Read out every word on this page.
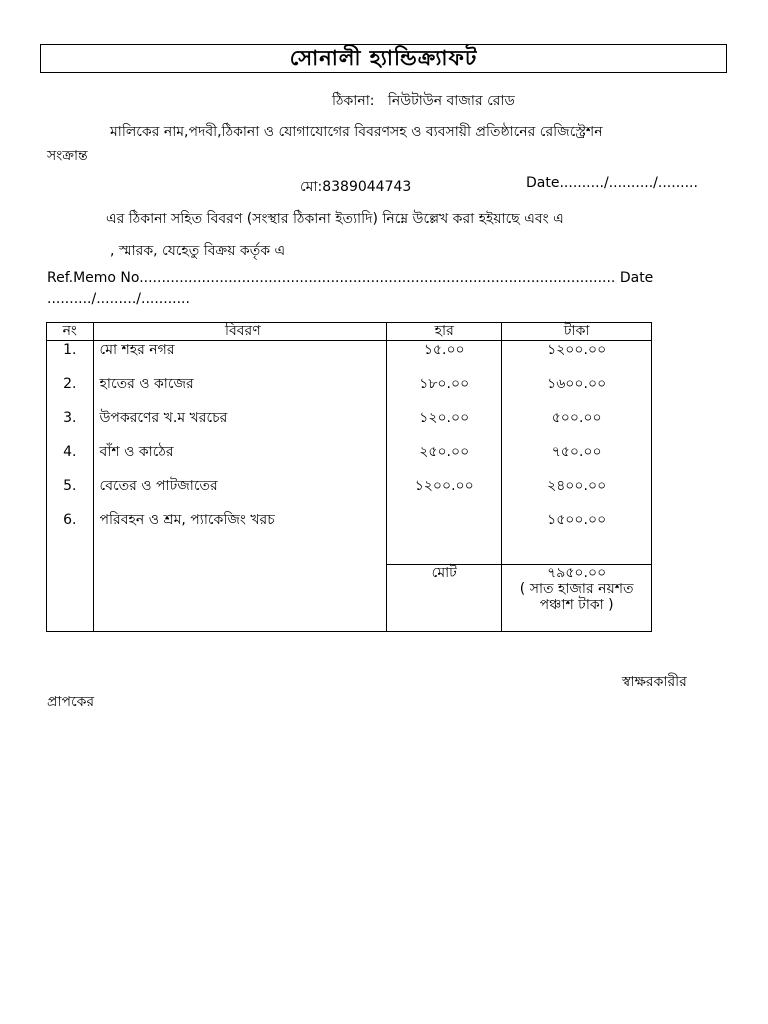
সোনালী হ্যান্ডিক্র্যাফট
ঠিকানা: নিউটাউন বাজার রোড
মালিকের নাম,পদবী,ঠিকানা ও যোগাযোগের বিবরণসহ ও ব্যবসায়ী প্রতিষ্ঠানের রেজিস্ট্রেশন
সংক্রান্ত
মো:8389044743	Date........../........../.........
এর ঠিকানা সহিত বিবরণ (সংস্থার ঠিকানা ইত্যাদি) নিম্নে উল্লেখ করা হইয়াছে এবং এ
, স্মারক, যেহেতু বিক্রয় কর্তৃক এ
Ref.Memo No........................................................................................................... Date
........../........./...........
নং	বিবরণ	হার	টাকা
1.	মো শহর নগর	১৫.০০	১২০০.০০
2.	হাতের ও কাজের	১৮০.০০	১৬০০.০০
3.	উপকরণের খ.ম খরচের	১২০.০০	৫০০.০০
4.	বাঁশ ও কাঠের	২৫০.০০	৭৫০.০০
5.	বেতের ও পাটজাতের	১২০০.০০	২৪০০.০০
6.	পরিবহন ও শ্রম, প্যাকেজিং খরচ		১৫০০.০০
		মোট	৭৯৫০.০০
( সাত হাজার নয়শত পঞ্চাশ টাকা )
স্বাক্ষরকারীর
প্রাপকের
